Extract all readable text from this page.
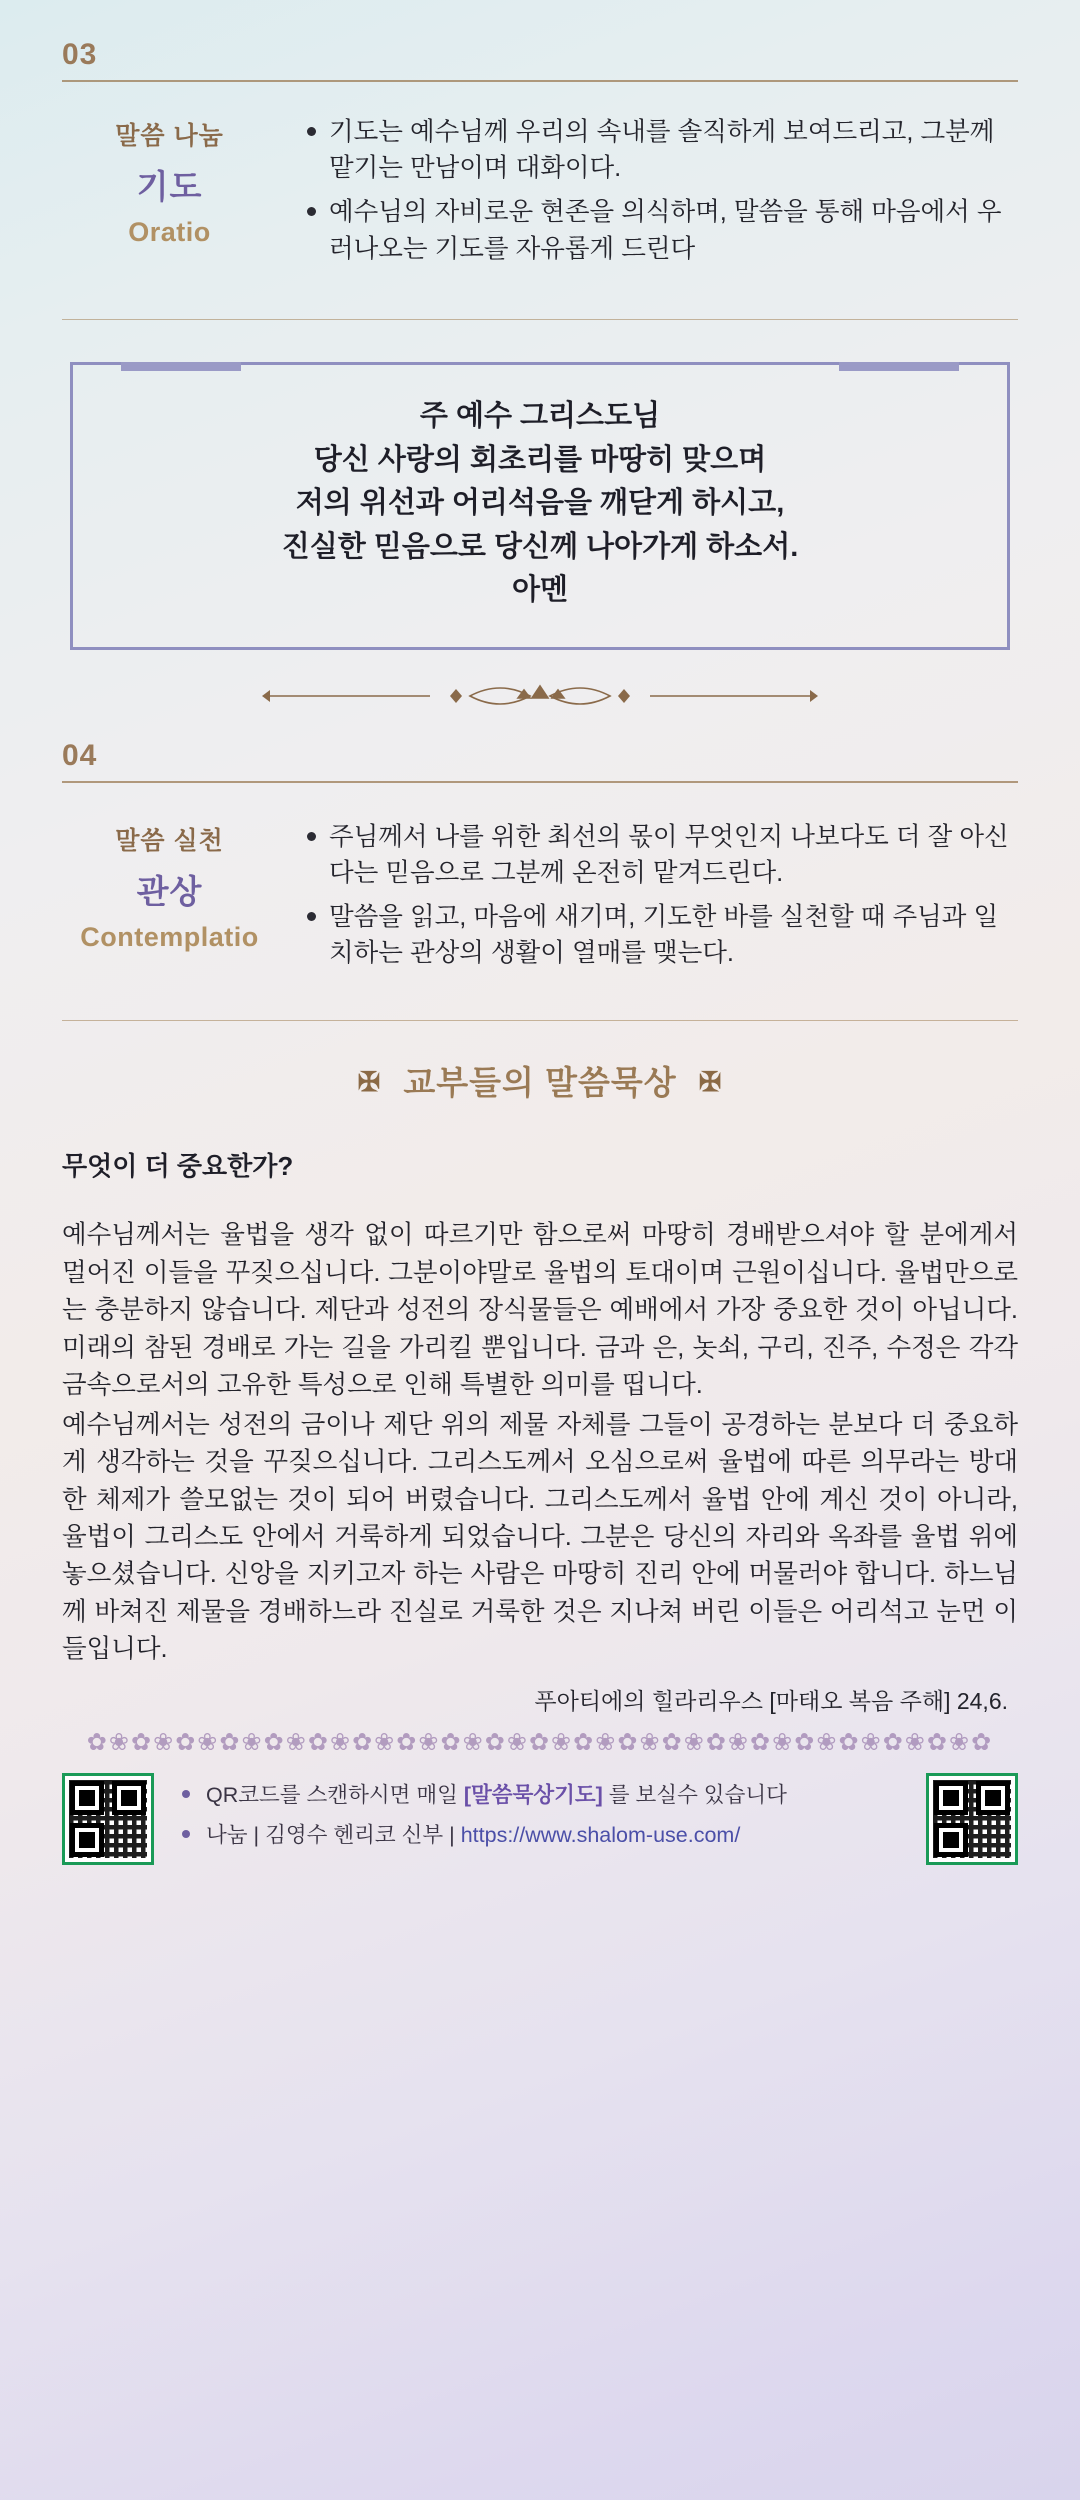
03
말씀 나눔
기도
Oratio
기도는 예수님께 우리의 속내를 솔직하게 보여드리고, 그분께 맡기는 만남이며 대화이다.
예수님의 자비로운 현존을 의식하며, 말씀을 통해 마음에서 우러나오는 기도를 자유롭게 드린다
주 예수 그리스도님
당신 사랑의 회초리를 마땅히 맞으며
저의 위선과 어리석음을 깨닫게 하시고,
진실한 믿음으로 당신께 나아가게 하소서.
아멘
04
말씀 실천
관상
Contemplatio
주님께서 나를 위한 최선의 몫이 무엇인지 나보다도 더 잘 아신다는 믿음으로 그분께 온전히 맡겨드린다.
말씀을 읽고, 마음에 새기며, 기도한 바를 실천할 때 주님과 일치하는 관상의 생활이 열매를 맺는다.
✠ 교부들의 말씀묵상 ✠
무엇이 더 중요한가?

예수님께서는 율법을 생각 없이 따르기만 함으로써 마땅히 경배받으셔야 할 분에게서 멀어진 이들을 꾸짖으십니다. 그분이야말로 율법의 토대이며 근원이십니다. 율법만으로는 충분하지 않습니다. 제단과 성전의 장식물들은 예배에서 가장 중요한 것이 아닙니다. 미래의 참된 경배로 가는 길을 가리킬 뿐입니다. 금과 은, 놋쇠, 구리, 진주, 수정은 각각 금속으로서의 고유한 특성으로 인해 특별한 의미를 띱니다.

예수님께서는 성전의 금이나 제단 위의 제물 자체를 그들이 공경하는 분보다 더 중요하게 생각하는 것을 꾸짖으십니다. 그리스도께서 오심으로써 율법에 따른 의무라는 방대한 체제가 쓸모없는 것이 되어 버렸습니다. 그리스도께서 율법 안에 계신 것이 아니라, 율법이 그리스도 안에서 거룩하게 되었습니다. 그분은 당신의 자리와 옥좌를 율법 위에 놓으셨습니다. 신앙을 지키고자 하는 사람은 마땅히 진리 안에 머물러야 합니다. 하느님께 바쳐진 제물을 경배하느라 진실로 거룩한 것은 지나쳐 버린 이들은 어리석고 눈먼 이들입니다.

푸아티에의 힐라리우스 [마태오 복음 주해] 24,6.
✿❀✿❀✿❀✿❀✿❀✿❀✿❀✿❀✿❀✿❀✿❀✿❀✿❀✿❀✿❀✿❀✿❀✿❀✿❀✿❀✿
QR코드를 스캔하시면 매일 [말씀묵상기도] 를 보실수 있습니다
나눔 | 김영수 헨리코 신부 | https://www.shalom-use.com/
